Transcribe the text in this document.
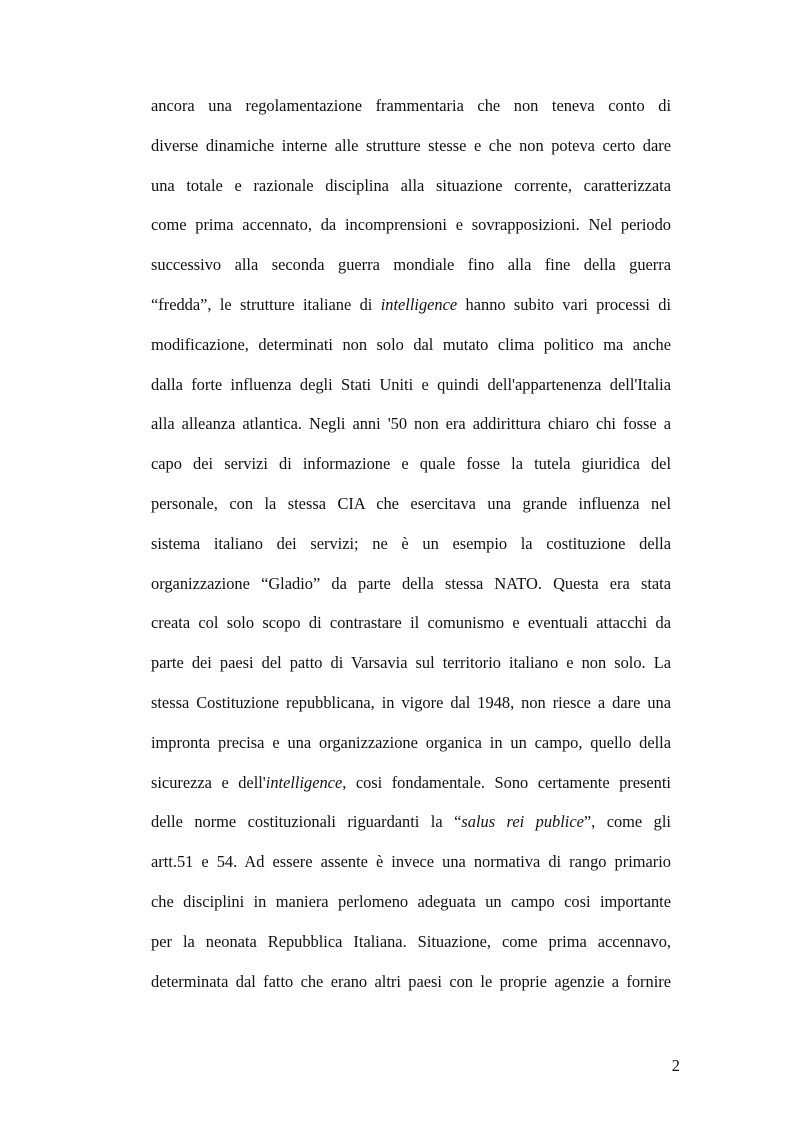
ancora una regolamentazione frammentaria che non teneva conto di
diverse dinamiche interne alle strutture stesse e che non poteva certo dare
una totale e razionale disciplina alla situazione corrente, caratterizzata
come prima accennato, da incomprensioni e sovrapposizioni. Nel periodo
successivo alla seconda guerra mondiale fino alla fine della guerra
“fredda”, le strutture italiane di intelligence hanno subito vari processi di
modificazione, determinati non solo dal mutato clima politico ma anche
dalla forte influenza degli Stati Uniti e quindi dell'appartenenza dell'Italia
alla alleanza atlantica. Negli anni '50 non era addirittura chiaro chi fosse a
capo dei servizi di informazione e quale fosse la tutela giuridica del
personale, con la stessa CIA che esercitava una grande influenza nel
sistema italiano dei servizi; ne è un esempio la costituzione della
organizzazione “Gladio” da parte della stessa NATO. Questa era stata
creata col solo scopo di contrastare il comunismo e eventuali attacchi da
parte dei paesi del patto di Varsavia sul territorio italiano e non solo. La
stessa Costituzione repubblicana, in vigore dal 1948, non riesce a dare una
impronta precisa e una organizzazione organica in un campo, quello della
sicurezza e dell'intelligence, cosi fondamentale. Sono certamente presenti
delle norme costituzionali riguardanti la “salus rei publice”, come gli
artt.51 e 54. Ad essere assente è invece una normativa di rango primario
che disciplini in maniera perlomeno adeguata un campo cosi importante
per la neonata Repubblica Italiana. Situazione, come prima accennavo,
determinata dal fatto che erano altri paesi con le proprie agenzie a fornire
2
